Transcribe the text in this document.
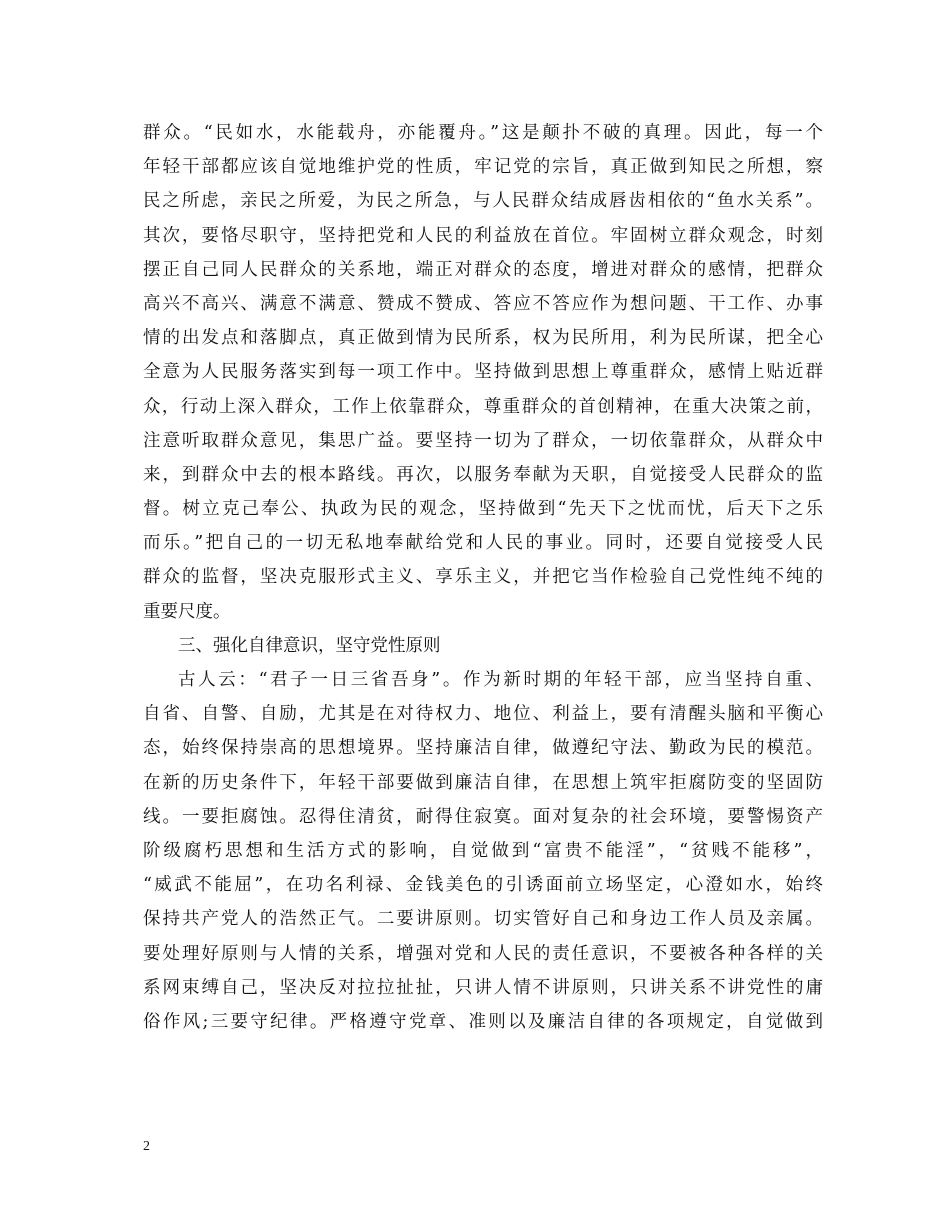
群众。“民如水，水能载舟，亦能覆舟。”这是颠扑不破的真理。因此，每一个
年轻干部都应该自觉地维护党的性质，牢记党的宗旨，真正做到知民之所想，察
民之所虑，亲民之所爱，为民之所急，与人民群众结成唇齿相依的“鱼水关系”。
其次，要恪尽职守，坚持把党和人民的利益放在首位。牢固树立群众观念，时刻
摆正自己同人民群众的关系地，端正对群众的态度，增进对群众的感情，把群众
高兴不高兴、满意不满意、赞成不赞成、答应不答应作为想问题、干工作、办事
情的出发点和落脚点，真正做到情为民所系，权为民所用，利为民所谋，把全心
全意为人民服务落实到每一项工作中。坚持做到思想上尊重群众，感情上贴近群
众，行动上深入群众，工作上依靠群众，尊重群众的首创精神，在重大决策之前，
注意听取群众意见，集思广益。要坚持一切为了群众，一切依靠群众，从群众中
来，到群众中去的根本路线。再次，以服务奉献为天职，自觉接受人民群众的监
督。树立克己奉公、执政为民的观念，坚持做到“先天下之忧而忧，后天下之乐
而乐。”把自己的一切无私地奉献给党和人民的事业。同时，还要自觉接受人民
群众的监督，坚决克服形式主义、享乐主义，并把它当作检验自己党性纯不纯的
重要尺度。
三、强化自律意识，坚守党性原则
古人云：“君子一日三省吾身”。作为新时期的年轻干部，应当坚持自重、
自省、自警、自励，尤其是在对待权力、地位、利益上，要有清醒头脑和平衡心
态，始终保持崇高的思想境界。坚持廉洁自律，做遵纪守法、勤政为民的模范。
在新的历史条件下，年轻干部要做到廉洁自律，在思想上筑牢拒腐防变的坚固防
线。一要拒腐蚀。忍得住清贫，耐得住寂寞。面对复杂的社会环境，要警惕资产
阶级腐朽思想和生活方式的影响，自觉做到“富贵不能淫”，“贫贱不能移”，
“威武不能屈”，在功名利禄、金钱美色的引诱面前立场坚定，心澄如水，始终
保持共产党人的浩然正气。二要讲原则。切实管好自己和身边工作人员及亲属。
要处理好原则与人情的关系，增强对党和人民的责任意识，不要被各种各样的关
系网束缚自己，坚决反对拉拉扯扯，只讲人情不讲原则，只讲关系不讲党性的庸
俗作风;三要守纪律。严格遵守党章、准则以及廉洁自律的各项规定，自觉做到
2
